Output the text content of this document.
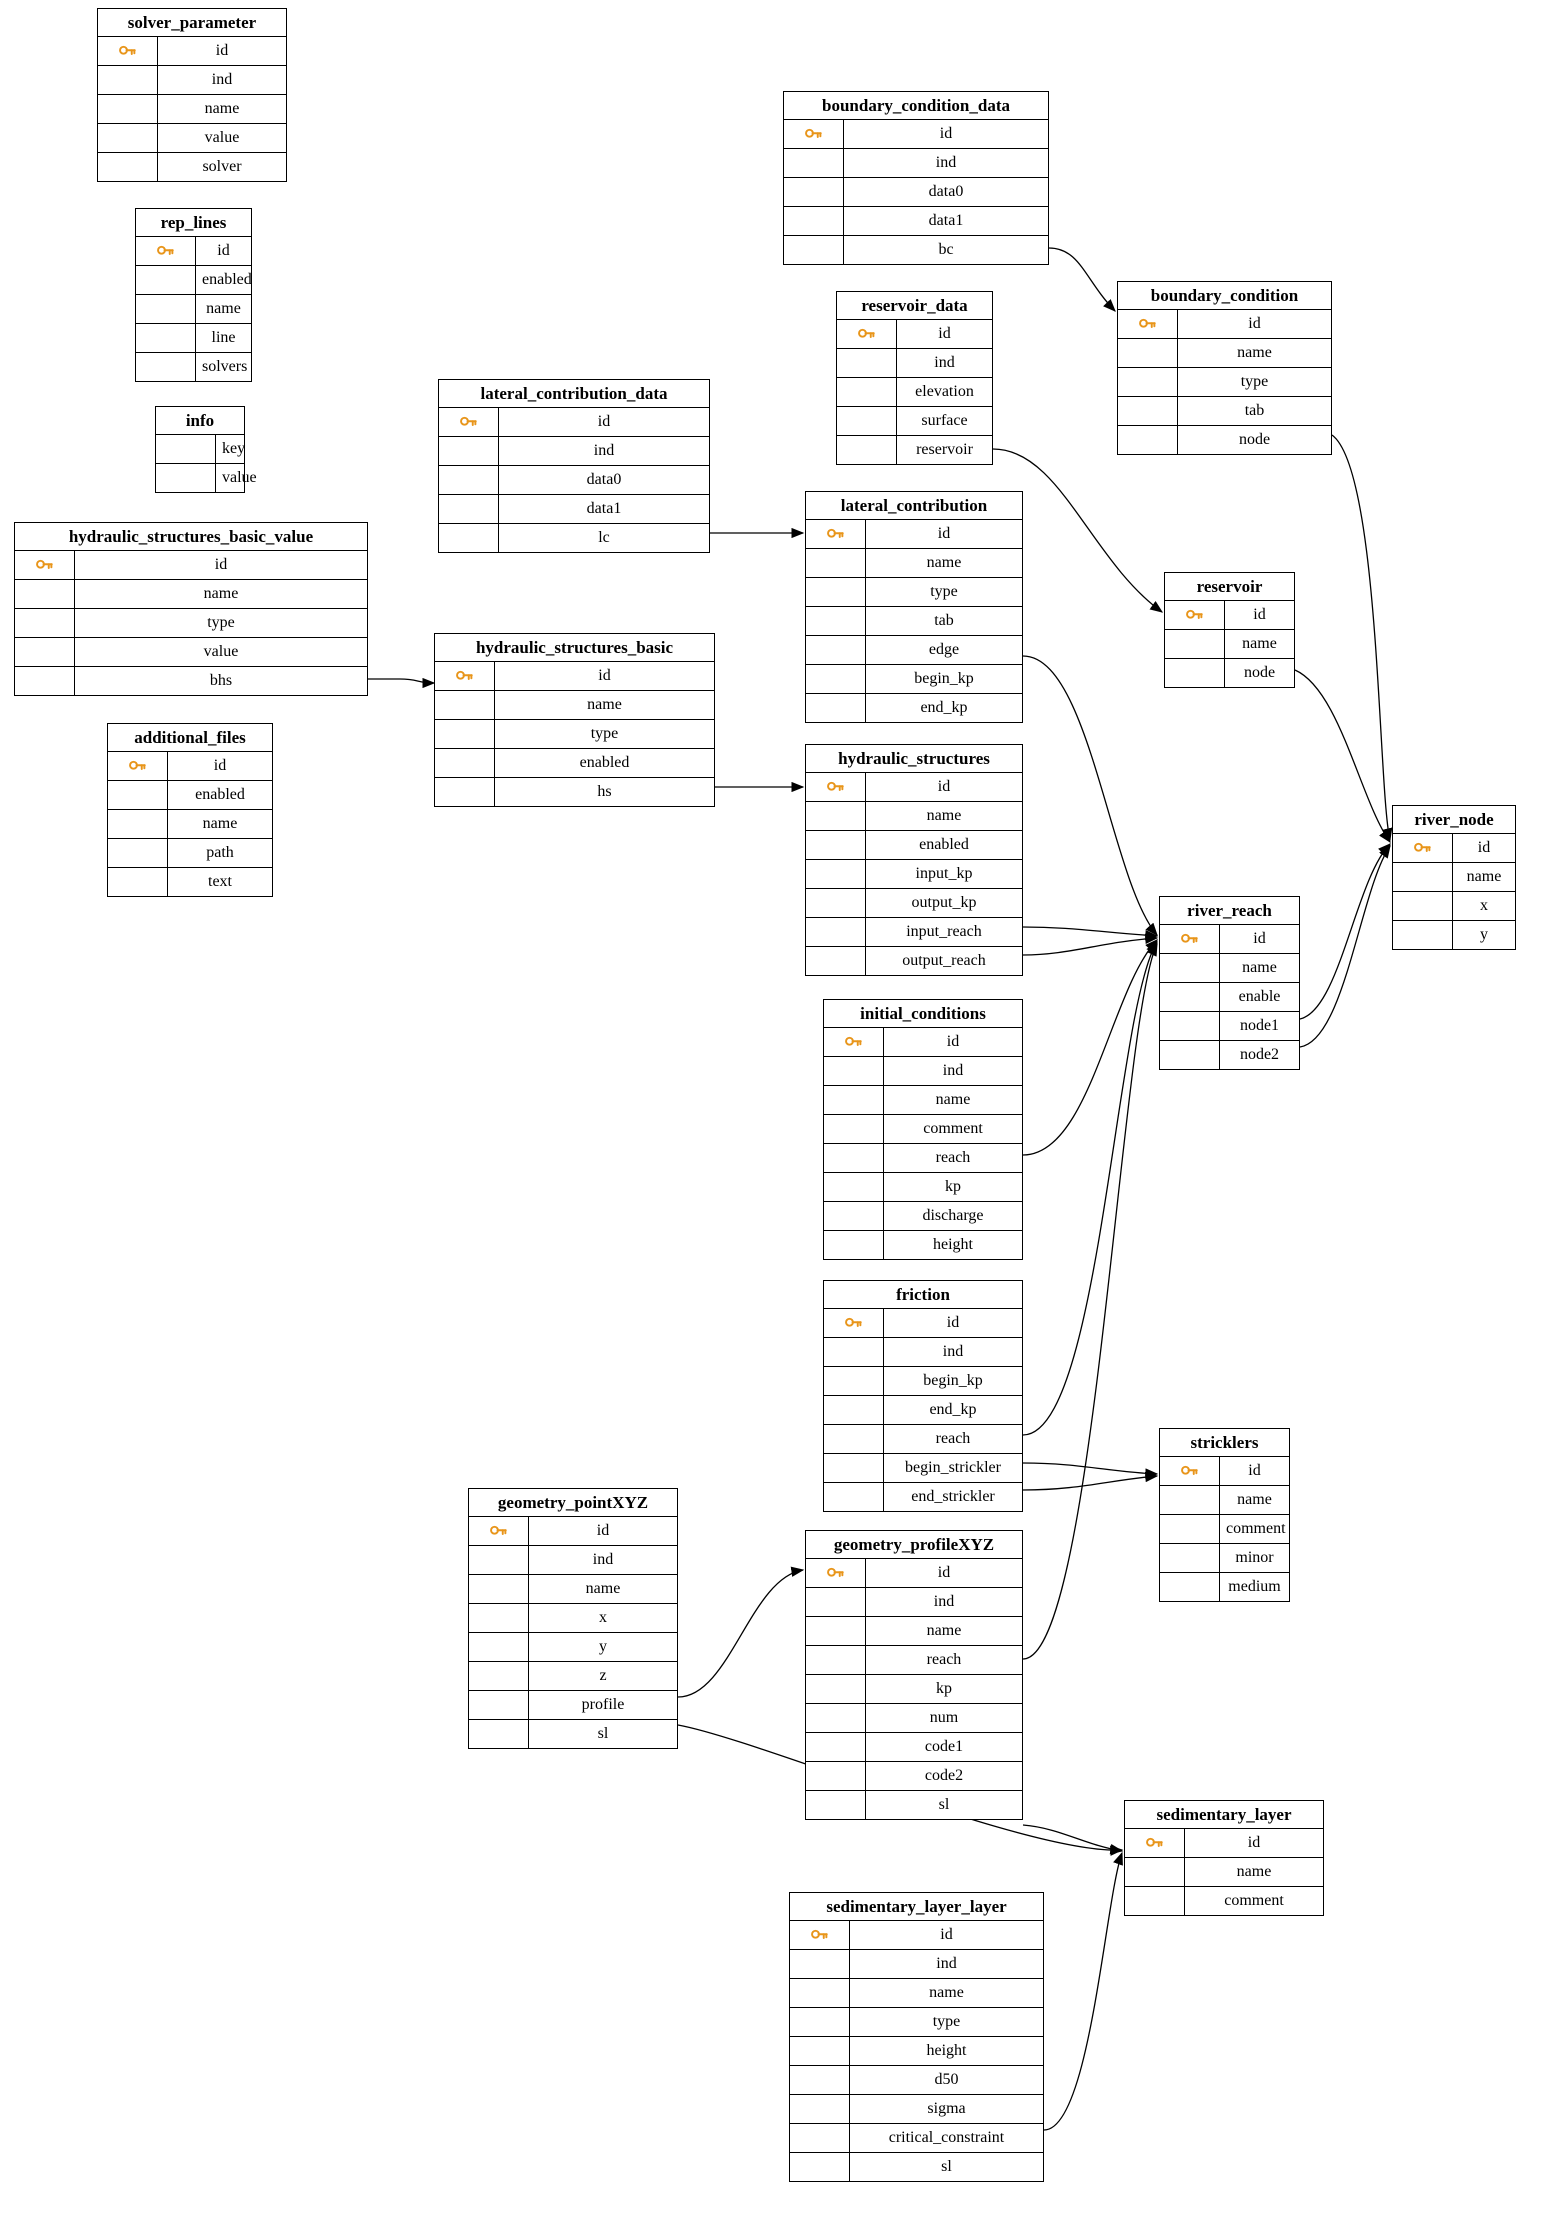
solver_parameter
id
ind
name
value
solver
rep_lines
id
enabled
name
line
solvers
info
key
value
hydraulic_structures_basic_value
id
name
type
value
bhs
additional_files
id
enabled
name
path
text
lateral_contribution_data
id
ind
data0
data1
lc
hydraulic_structures_basic
id
name
type
enabled
hs
geometry_pointXYZ
id
ind
name
x
y
z
profile
sl
boundary_condition_data
id
ind
data0
data1
bc
reservoir_data
id
ind
elevation
surface
reservoir
lateral_contribution
id
name
type
tab
edge
begin_kp
end_kp
hydraulic_structures
id
name
enabled
input_kp
output_kp
input_reach
output_reach
initial_conditions
id
ind
name
comment
reach
kp
discharge
height
friction
id
ind
begin_kp
end_kp
reach
begin_strickler
end_strickler
geometry_profileXYZ
id
ind
name
reach
kp
num
code1
code2
sl
sedimentary_layer_layer
id
ind
name
type
height
d50
sigma
critical_constraint
sl
boundary_condition
id
name
type
tab
node
reservoir
id
name
node
river_reach
id
name
enable
node1
node2
stricklers
id
name
comment
minor
medium
river_node
id
name
x
y
sedimentary_layer
id
name
comment
